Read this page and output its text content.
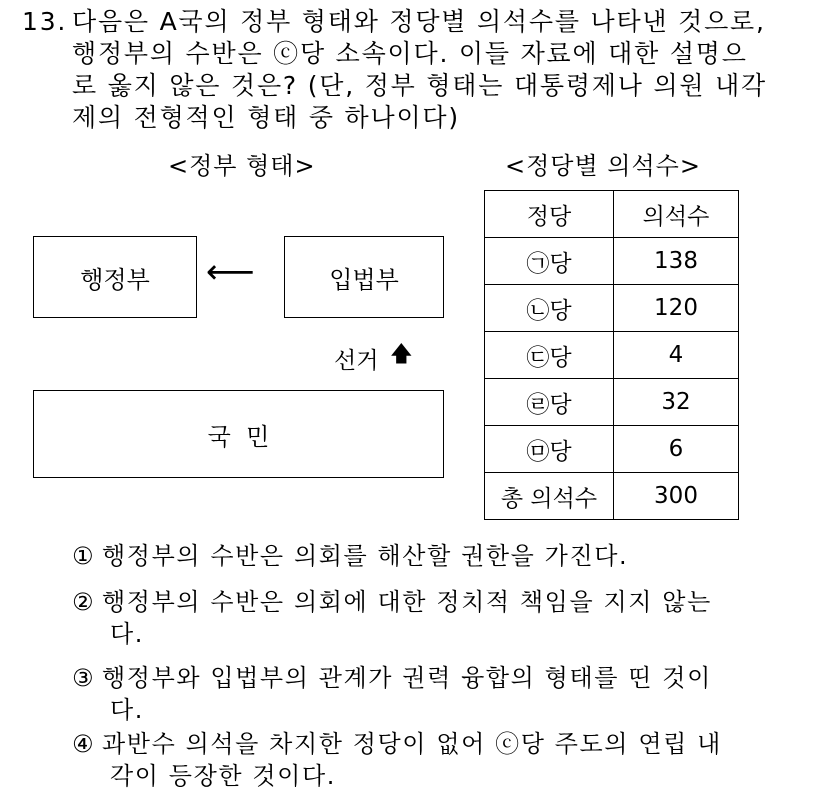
13. 다음은 A국의 정부 형태와 정당별 의석수를 나타낸 것으로,
행정부의 수반은 ⓒ당 소속이다. 이들 자료에 대한 설명으
로 옳지 않은 것은? (단, 정부 형태는 대통령제나 의원 내각
제의 전형적인 형태 중 하나이다)
<정부 형태>
행정부	⟵	입법부
선거 🡅
국  민
<정당별 의석수>
정당	의석수
㉠당	138
㉡당	120
㉢당	4
㉣당	32
㉤당	6
총 의석수	300
① 행정부의 수반은 의회를 해산할 권한을 가진다.
② 행정부의 수반은 의회에 대한 정치적 책임을 지지 않는
다.
③ 행정부와 입법부의 관계가 권력 융합의 형태를 띤 것이
다.
④ 과반수 의석을 차지한 정당이 없어 ⓒ당 주도의 연립 내
각이 등장한 것이다.
